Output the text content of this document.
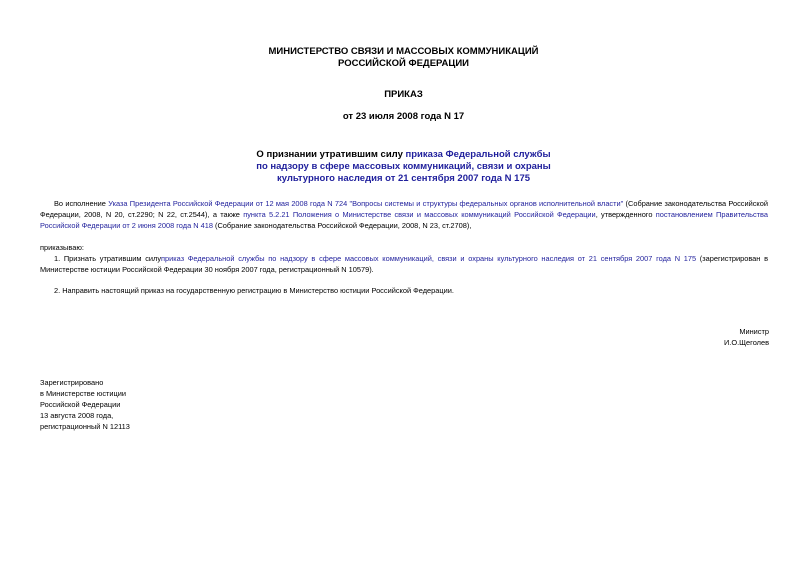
МИНИСТЕРСТВО СВЯЗИ И МАССОВЫХ КОММУНИКАЦИЙ
РОССИЙСКОЙ ФЕДЕРАЦИИ
ПРИКАЗ
от 23 июля 2008 года N 17
О признании утратившим силу приказа Федеральной службы
по надзору в сфере массовых коммуникаций, связи и охраны
культурного наследия от 21 сентября 2007 года N 175
Во исполнение Указа Президента Российской Федерации от 12 мая 2008 года N 724 "Вопросы системы и структуры федеральных органов исполнительной власти" (Собрание законодательства Российской Федерации, 2008, N 20, ст.2290; N 22, ст.2544), а также пункта 5.2.21 Положения о Министерстве связи и массовых коммуникаций Российской Федерации, утвержденного постановлением Правительства Российской Федерации от 2 июня 2008 года N 418 (Собрание законодательства Российской Федерации, 2008, N 23, ст.2708),
приказываю:
1. Признать утратившим силуприказ Федеральной службы по надзору в сфере массовых коммуникаций, связи и охраны культурного наследия от 21 сентября 2007 года N 175 (зарегистрирован в Министерстве юстиции Российской Федерации 30 ноября 2007 года, регистрационный N 10579).
2. Направить настоящий приказ на государственную регистрацию в Министерство юстиции Российской Федерации.
Министр
И.О.Щеголев
Зарегистрировано
в Министерстве юстиции
Российской Федерации
13 августа 2008 года,
регистрационный N 12113
